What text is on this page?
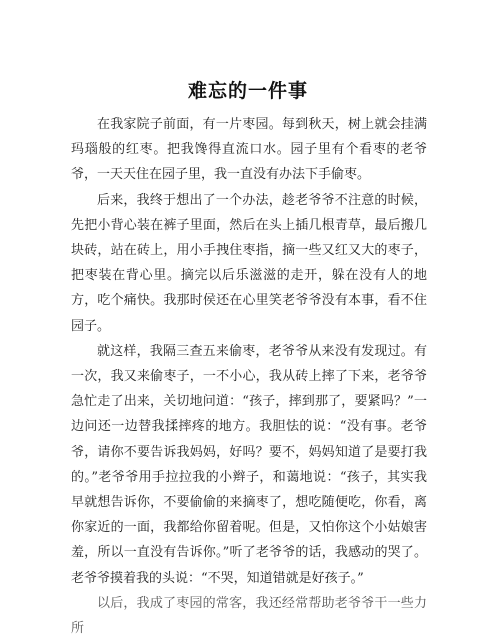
难忘的一件事

在我家院子前面，有一片枣园。每到秋天，树上就会挂满玛瑙般的红枣。把我馋得直流口水。园子里有个看枣的老爷爷，一天天住在园子里，我一直没有办法下手偷枣。

后来，我终于想出了一个办法，趁老爷爷不注意的时候，先把小背心装在裤子里面，然后在头上插几根青草，最后搬几块砖，站在砖上，用小手拽住枣指，摘一些又红又大的枣子，把枣装在背心里。摘完以后乐滋滋的走开，躲在没有人的地方，吃个痛快。我那时侯还在心里笑老爷爷没有本事，看不住园子。

就这样，我隔三查五来偷枣，老爷爷从来没有发现过。有一次，我又来偷枣子，一不小心，我从砖上摔了下来，老爷爷急忙走了出来，关切地问道：“孩子，摔到那了，要紧吗？”一边问还一边替我揉摔疼的地方。我胆怯的说：“没有事。老爷爷，请你不要告诉我妈妈，好吗？要不，妈妈知道了是要打我的。”老爷爷用手拉拉我的小辫子，和蔼地说：“孩子，其实我早就想告诉你，不要偷偷的来摘枣了，想吃随便吃，你看，离你家近的一面，我都给你留着呢。但是，又怕你这个小姑娘害羞，所以一直没有告诉你。”听了老爷爷的话，我感动的哭了。老爷爷摸着我的头说：“不哭，知道错就是好孩子。”

以后，我成了枣园的常客，我还经常帮助老爷爷干一些力所
